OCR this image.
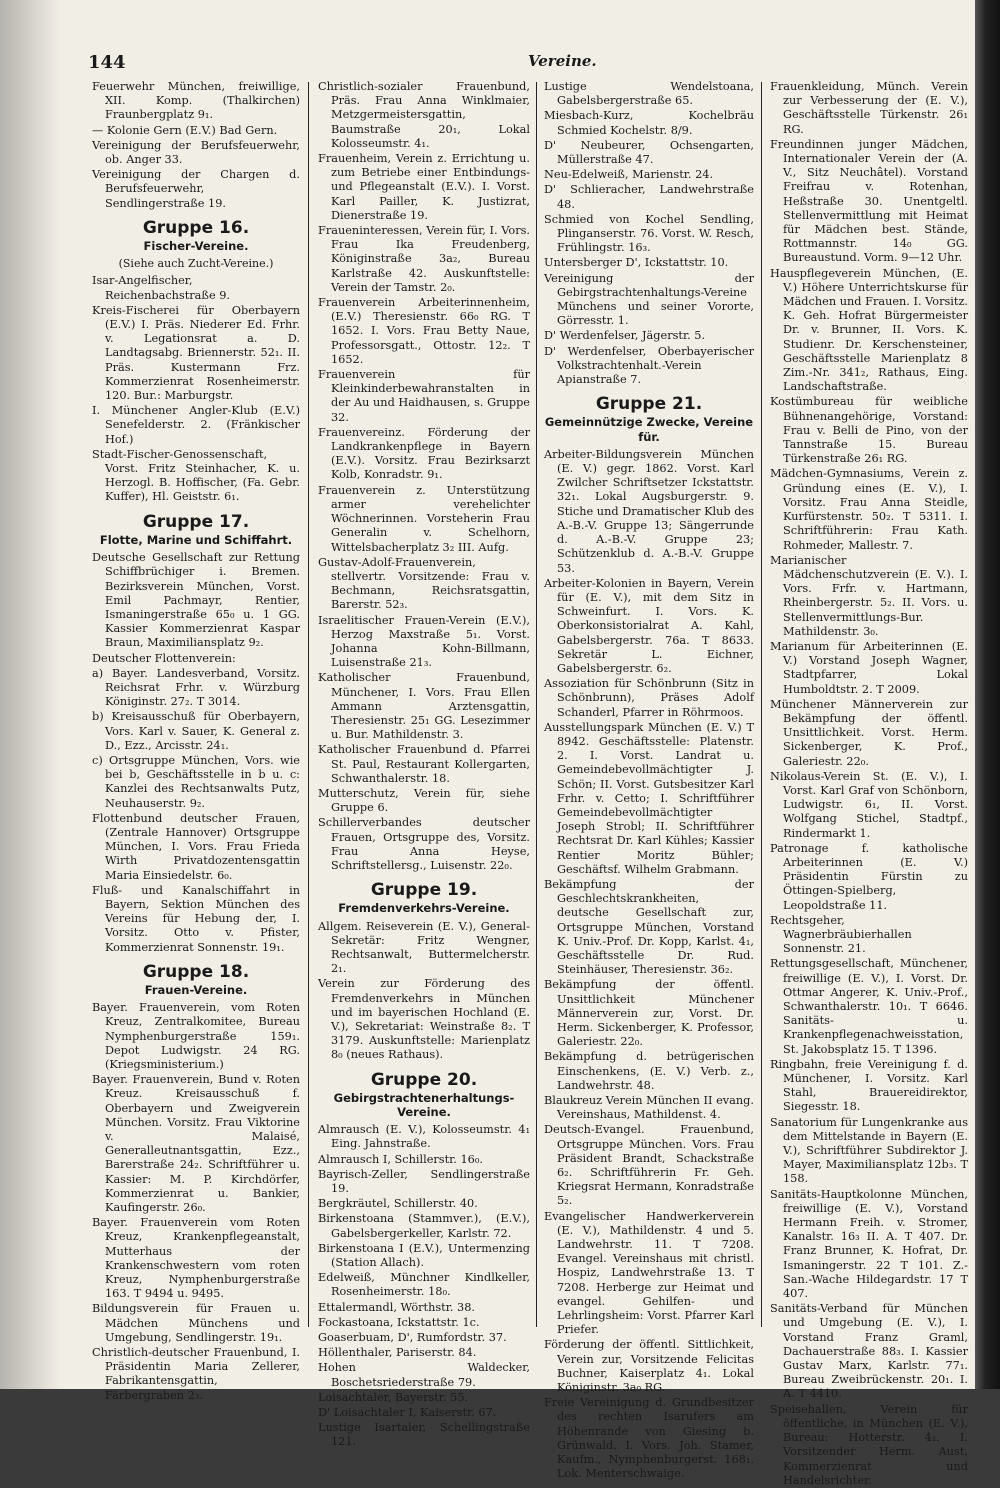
144	Vereine.
Feuerwehr München, freiwillige, XII. Komp. (Thalkirchen) Fraunbergplatz 9₁.
— Kolonie Gern (E.V.) Bad Gern.
Vereinigung der Berufsfeuerwehr, ob. Anger 33.
Vereinigung der Chargen d. Berufsfeuerwehr, Sendlingerstraße 19.
Gruppe 16.
Fischer-Vereine.
(Siehe auch Zucht-Vereine.)
Isar-Angelfischer, Reichenbachstraße 9.
Kreis-Fischerei für Oberbayern (E.V.) I. Präs. Niederer Ed. Frhr. v. Legationsrat a. D. Landtagsabg. Briennerstr. 52₁. II. Präs. Kustermann Frz. Kommerzienrat Rosenheimerstr. 120. Bur.: Marburgstr.
I. Münchener Angler-Klub (E.V.) Senefelderstr. 2. (Fränkischer Hof.)
Stadt-Fischer-Genossenschaft, Vorst. Fritz Steinhacher, K. u. Herzogl. B. Hoffischer, (Fa. Gebr. Kuffer), Hl. Geiststr. 6₁.
Gruppe 17.
Flotte, Marine und Schiffahrt.
Deutsche Gesellschaft zur Rettung Schiffbrüchiger i. Bremen. Bezirksverein München, Vorst. Emil Pachmayr, Rentier, Ismaningerstraße 65₀ u. 1 GG. Kassier Kommerzienrat Kaspar Braun, Maximiliansplatz 9₂.
Deutscher Flottenverein:
a) Bayer. Landesverband, Vorsitz. Reichsrat Frhr. v. Würzburg Königinstr. 27₂. T 3014.
b) Kreisausschuß für Oberbayern, Vors. Karl v. Sauer, K. General z. D., Ezz., Arcisstr. 24₁.
c) Ortsgruppe München, Vors. wie bei b, Geschäftsstelle in b u. c: Kanzlei des Rechtsanwalts Putz, Neuhauserstr. 9₂.
Flottenbund deutscher Frauen, (Zentrale Hannover) Ortsgruppe München, I. Vors. Frau Frieda Wirth Privatdozentensgattin Maria Einsiedelstr. 6₀.
Fluß- und Kanalschiffahrt in Bayern, Sektion München des Vereins für Hebung der, I. Vorsitz. Otto v. Pfister, Kommerzienrat Sonnenstr. 19₁.
Gruppe 18.
Frauen-Vereine.
Bayer. Frauenverein, vom Roten Kreuz, Zentralkomitee, Bureau Nymphenburgerstraße 159₁. Depot Ludwigstr. 24 RG. (Kriegsministerium.)
Bayer. Frauenverein, Bund v. Roten Kreuz. Kreisausschuß f. Oberbayern und Zweigverein München. Vorsitz. Frau Viktorine v. Malaisé, Generalleutnantsgattin, Ezz., Barerstraße 24₂. Schriftführer u. Kassier: M. P. Kirchdörfer, Kommerzienrat u. Bankier, Kaufingerstr. 26₀.
Bayer. Frauenverein vom Roten Kreuz, Krankenpflegeanstalt, Mutterhaus der Krankenschwestern vom roten Kreuz, Nymphenburgerstraße 163. T 9494 u. 9495.
Bildungsverein für Frauen u. Mädchen Münchens und Umgebung, Sendlingerstr. 19₁.
Christlich-deutscher Frauenbund, I. Präsidentin Maria Zellerer, Fabrikantensgattin, Färbergraben 2₃.
Christlich-sozialer Frauenbund, Präs. Frau Anna Winklmaier, Metzgermeistersgattin, Baumstraße 20₁, Lokal Kolosseumstr. 4₁.
Frauenheim, Verein z. Errichtung u. zum Betriebe einer Entbindungs- und Pflegeanstalt (E.V.). I. Vorst. Karl Pailler, K. Justizrat, Dienerstraße 19.
Fraueninteressen, Verein für, I. Vors. Frau Ika Freudenberg, Königinstraße 3a₂, Bureau Karlstraße 42. Auskunftstelle: Verein der Tamstr. 2₀.
Frauenverein Arbeiterinnenheim, (E.V.) Theresienstr. 66₀ RG. T 1652. I. Vors. Frau Betty Naue, Professorsgatt., Ottostr. 12₂. T 1652.
Frauenverein für Kleinkinderbewahranstalten in der Au und Haidhausen, s. Gruppe 32.
Frauenvereinz. Förderung der Landkrankenpflege in Bayern (E.V.). Vorsitz. Frau Bezirksarzt Kolb, Konradstr. 9₁.
Frauenverein z. Unterstützung armer verehelichter Wöchnerinnen. Vorsteherin Frau Generalin v. Schelhorn, Wittelsbacherplatz 3₂ III. Aufg.
Gustav-Adolf-Frauenverein, stellvertr. Vorsitzende: Frau v. Bechmann, Reichsratsgattin, Barerstr. 52₃.
Israelitischer Frauen-Verein (E.V.), Herzog Maxstraße 5₁. Vorst. Johanna Kohn-Billmann, Luisenstraße 21₃.
Katholischer Frauenbund, Münchener, I. Vors. Frau Ellen Ammann Arztensgattin, Theresienstr. 25₁ GG. Lesezimmer u. Bur. Mathildenstr. 3.
Katholischer Frauenbund d. Pfarrei St. Paul, Restaurant Kollergarten, Schwanthalerstr. 18.
Mutterschutz, Verein für, siehe Gruppe 6.
Schillerverbandes deutscher Frauen, Ortsgruppe des, Vorsitz. Frau Anna Heyse, Schriftstellersg., Luisenstr. 22₀.
Gruppe 19.
Fremdenverkehrs-Vereine.
Allgem. Reiseverein (E. V.), General-Sekretär: Fritz Wengner, Rechtsanwalt, Buttermelcherstr. 2₁.
Verein zur Förderung des Fremdenverkehrs in München und im bayerischen Hochland (E. V.), Sekretariat: Weinstraße 8₂. T 3179. Auskunftstelle: Marienplatz 8₀ (neues Rathaus).
Gruppe 20.
Gebirgstrachtenerhaltungs-Vereine.
Almrausch (E. V.), Kolosseumstr. 4₁ Eing. Jahnstraße.
Almrausch I, Schillerstr. 16₀.
Bayrisch-Zeller, Sendlingerstraße 19.
Bergkräutel, Schillerstr. 40.
Birkenstoana (Stammver.), (E.V.), Gabelsbergerkeller, Karlstr. 72.
Birkenstoana I (E.V.), Untermenzing (Station Allach).
Edelweiß, Münchner Kindlkeller, Rosenheimerstr. 18₀.
Ettalermandl, Wörthstr. 38.
Fockastoana, Ickstattstr. 1c.
Goaserbuam, D', Rumfordstr. 37.
Höllenthaler, Pariserstr. 84.
Hohen Waldecker, Boschetsriederstraße 79.
Loisachtaler, Bayerstr. 55.
D' Loisachtaler I, Kaiserstr. 67.
Lustige Isartaler, Schellingstraße 121.
Lustige Wendelstoana, Gabelsbergerstraße 65.
Miesbach-Kurz, Kochelbräu Schmied Kochelstr. 8/9.
D' Neubeurer, Ochsengarten, Müllerstraße 47.
Neu-Edelweiß, Marienstr. 24.
D' Schlieracher, Landwehrstraße 48.
Schmied von Kochel Sendling, Plinganserstr. 76. Vorst. W. Resch, Frühlingstr. 16₃.
Untersberger D', Ickstattstr. 10.
Vereinigung der Gebirgstrachtenhaltungs-Vereine Münchens und seiner Vororte, Görresstr. 1.
D' Werdenfelser, Jägerstr. 5.
D' Werdenfelser, Oberbayerischer Volkstrachtenhalt.-Verein Apianstraße 7.
Gruppe 21.
Gemeinnützige Zwecke, Vereine für.
Arbeiter-Bildungsverein München (E. V.) gegr. 1862. Vorst. Karl Zwilcher Schriftsetzer Ickstattstr. 32₁. Lokal Augsburgerstr. 9. Stiche und Dramatischer Klub des A.-B.-V. Gruppe 13; Sängerrunde d. A.-B.-V. Gruppe 23; Schützenklub d. A.-B.-V. Gruppe 53.
Arbeiter-Kolonien in Bayern, Verein für (E. V.), mit dem Sitz in Schweinfurt. I. Vors. K. Oberkonsistorialrat A. Kahl, Gabelsbergerstr. 76a. T 8633. Sekretär L. Eichner, Gabelsbergerstr. 6₂.
Assoziation für Schönbrunn (Sitz in Schönbrunn), Präses Adolf Schanderl, Pfarrer in Röhrmoos.
Ausstellungspark München (E. V.) T 8942. Geschäftsstelle: Platenstr. 2. I. Vorst. Landrat u. Gemeindebevollmächtigter J. Schön; II. Vorst. Gutsbesitzer Karl Frhr. v. Cetto; I. Schriftführer Gemeindebevollmächtigter Joseph Strobl; II. Schriftführer Rechtsrat Dr. Karl Kühles; Kassier Rentier Moritz Bühler; Geschäftsf. Wilhelm Grabmann.
Bekämpfung der Geschlechtskrankheiten, deutsche Gesellschaft zur, Ortsgruppe München, Vorstand K. Univ.-Prof. Dr. Kopp, Karlst. 4₁, Geschäftsstelle Dr. Rud. Steinhäuser, Theresienstr. 36₂.
Bekämpfung der öffentl. Unsittlichkeit Münchener Männerverein zur, Vorst. Dr. Herm. Sickenberger, K. Professor, Galeriestr. 22₀.
Bekämpfung d. betrügerischen Einschenkens, (E. V.) Verb. z., Landwehrstr. 48.
Blaukreuz Verein München II evang. Vereinshaus, Mathildenst. 4.
Deutsch-Evangel. Frauenbund, Ortsgruppe München. Vors. Frau Präsident Brandt, Schackstraße 6₂. Schriftführerin Fr. Geh. Kriegsrat Hermann, Konradstraße 5₂.
Evangelischer Handwerkerverein (E. V.), Mathildenstr. 4 und 5. Landwehrstr. 11. T 7208. Evangel. Vereinshaus mit christl. Hospiz, Landwehrstraße 13. T 7208. Herberge zur Heimat und evangel. Gehilfen- und Lehrlingsheim: Vorst. Pfarrer Karl Priefer.
Förderung der öffentl. Sittlichkeit, Verein zur, Vorsitzende Felicitas Buchner, Kaiserplatz 4₁. Lokal Königinstr. 3a₀ RG.
Freie Vereinigung d. Grundbesitzer des rechten Isarufers am Höhenrande von Giesing b. Grünwald, I. Vors. Joh. Stamer, Kaufm., Nymphenburgerst. 168₁. Lok. Menterschwaige.
Frauenkleidung, Münch. Verein zur Verbesserung der (E. V.), Geschäftsstelle Türkenstr. 26₁ RG.
Freundinnen junger Mädchen, Internationaler Verein der (A. V., Sitz Neuchâtel). Vorstand Freifrau v. Rotenhan, Heßstraße 30. Unentgeltl. Stellenvermittlung mit Heimat für Mädchen best. Stände, Rottmannstr. 14₀ GG. Bureaustund. Vorm. 9—12 Uhr.
Hauspflegeverein München, (E. V.) Höhere Unterrichtskurse für Mädchen und Frauen. I. Vorsitz. K. Geh. Hofrat Bürgermeister Dr. v. Brunner, II. Vors. K. Studienr. Dr. Kerschensteiner, Geschäftsstelle Marienplatz 8 Zim.-Nr. 341₂, Rathaus, Eing. Landschaftstraße.
Kostümbureau für weibliche Bühnenangehörige, Vorstand: Frau v. Belli de Pino, von der Tannstraße 15. Bureau Türkenstraße 26₁ RG.
Mädchen-Gymnasiums, Verein z. Gründung eines (E. V.), I. Vorsitz. Frau Anna Steidle, Kurfürstenstr. 50₂. T 5311. I. Schriftführerin: Frau Kath. Rohmeder, Mallestr. 7.
Marianischer Mädchenschutzverein (E. V.). I. Vors. Frfr. v. Hartmann, Rheinbergerstr. 5₂. II. Vors. u. Stellenvermittlungs-Bur. Mathildenstr. 3₀.
Marianum für Arbeiterinnen (E. V.) Vorstand Joseph Wagner, Stadtpfarrer, Lokal Humboldtstr. 2. T 2009.
Münchener Männerverein zur Bekämpfung der öffentl. Unsittlichkeit. Vorst. Herm. Sickenberger, K. Prof., Galeriestr. 22₀.
Nikolaus-Verein St. (E. V.), I. Vorst. Karl Graf von Schönborn, Ludwigstr. 6₁, II. Vorst. Wolfgang Stichel, Stadtpf., Rindermarkt 1.
Patronage f. katholische Arbeiterinnen (E. V.) Präsidentin Fürstin zu Öttingen-Spielberg, Leopoldstraße 11.
Rechtsgeher, Wagnerbräubierhallen Sonnenstr. 21.
Rettungsgesellschaft, Münchener, freiwillige (E. V.), I. Vorst. Dr. Ottmar Angerer, K. Univ.-Prof., Schwanthalerstr. 10₁. T 6646. Sanitäts- u. Krankenpflegenachweisstation, St. Jakobsplatz 15. T 1396.
Ringbahn, freie Vereinigung f. d. Münchener, I. Vorsitz. Karl Stahl, Brauereidirektor, Siegesstr. 18.
Sanatorium für Lungenkranke aus dem Mittelstande in Bayern (E. V.), Schriftführer Subdirektor J. Mayer, Maximiliansplatz 12b₃. T 158.
Sanitäts-Hauptkolonne München, freiwillige (E. V.), Vorstand Hermann Freih. v. Stromer, Kanalstr. 16₃ II. A. T 407. Dr. Franz Brunner, K. Hofrat, Dr. Ismaningerstr. 22 T 101. Z.-San.-Wache Hildegardstr. 17 T 407.
Sanitäts-Verband für München und Umgebung (E. V.), I. Vorstand Franz Graml, Dachauerstraße 88₃. I. Kassier Gustav Marx, Karlstr. 77₁. Bureau Zweibrückenstr. 20₁. I. A. T 4410.
Speisehallen, Verein für öffentliche, in München (E. V.), Bureau: Hotterstr. 4₁. I. Vorsitzender Herm. Aust, Kommerzienrat und Handelsrichter.
